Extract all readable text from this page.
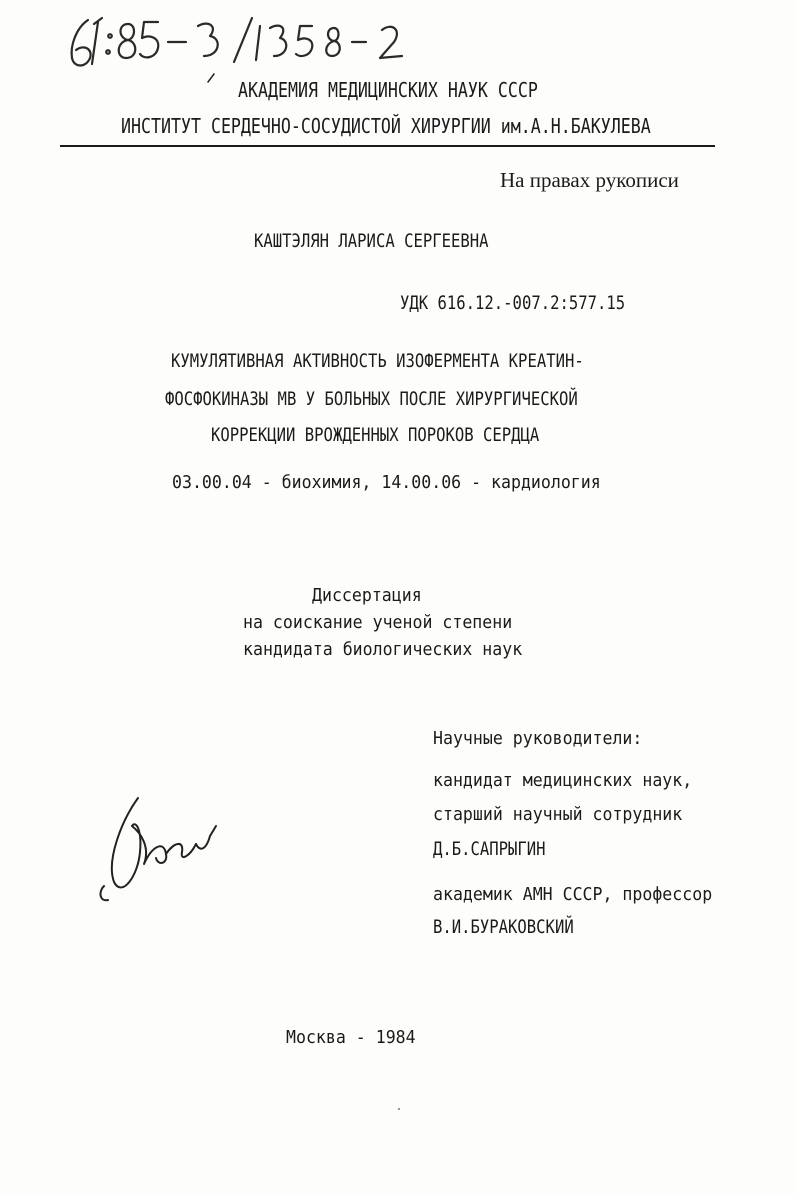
АКАДЕМИЯ МЕДИЦИНСКИХ НАУК СССР
ИНСТИТУТ СЕРДЕЧНО-СОСУДИСТОЙ ХИРУРГИИ им.А.Н.БАКУЛЕВА
На правах рукописи
КАШТЭЛЯН ЛАРИСА СЕРГЕЕВНА
УДК 616.12.-007.2:577.15
КУМУЛЯТИВНАЯ АКТИВНОСТЬ ИЗОФЕРМЕНТА КРЕАТИН-
ФОСФОКИНАЗЫ МВ У БОЛЬНЫХ ПОСЛЕ ХИРУРГИЧЕСКОЙ
КОРРЕКЦИИ ВРОЖДЕННЫХ ПОРОКОВ СЕРДЦА
03.00.04 - биохимия, 14.00.06 - кардиология
Диссертация
на соискание ученой степени
кандидата биологических наук
Научные руководители:
кандидат медицинских наук,
старший научный сотрудник
Д.Б.САПРЫГИН
академик АМН СССР, профессор
В.И.БУРАКОВСКИЙ
Москва - 1984
